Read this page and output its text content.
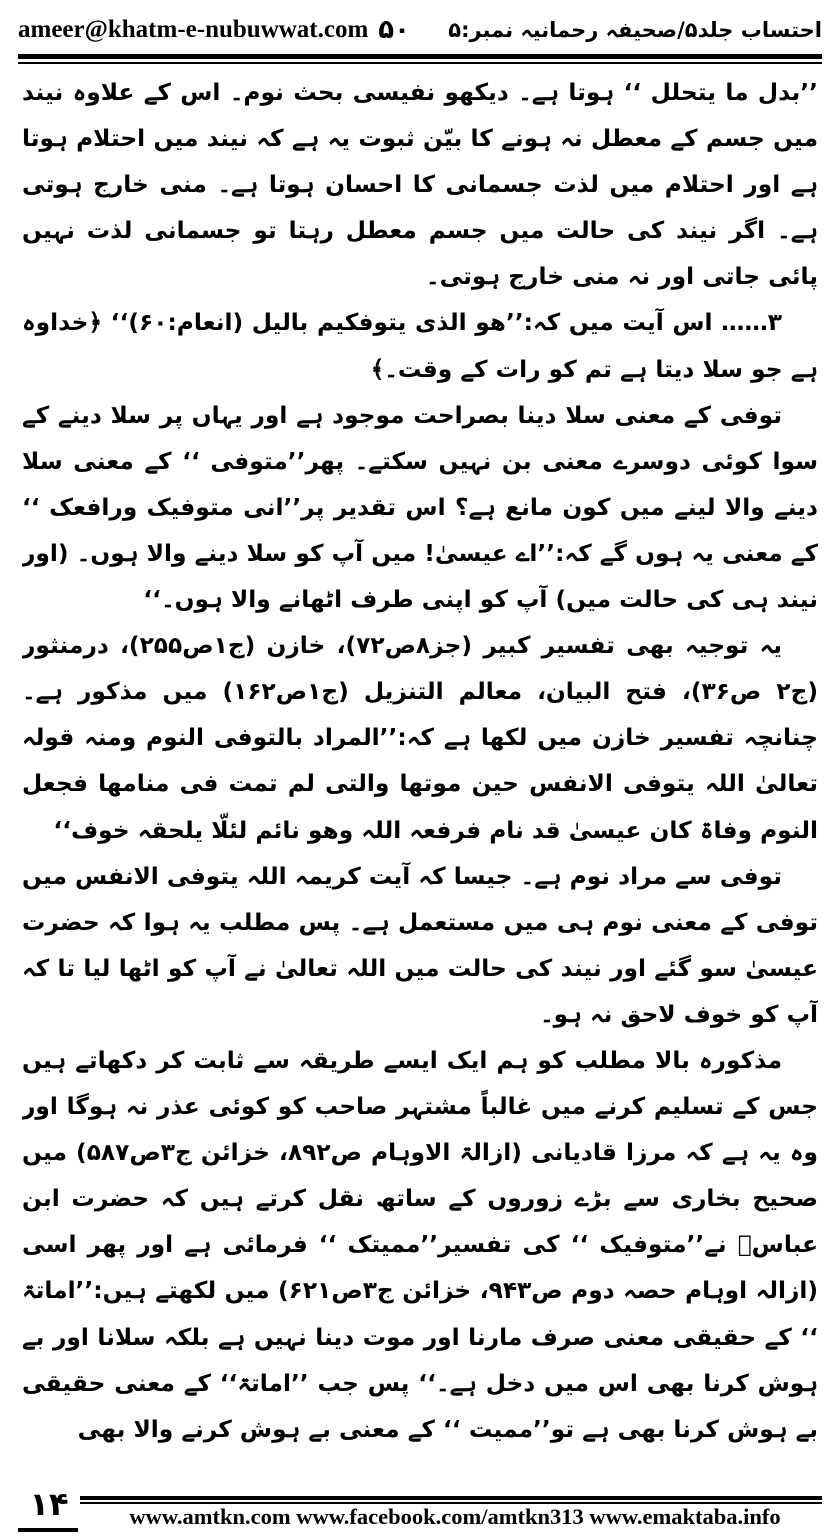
ameer@khatm-e-nubuwwat.com ۵۰ احتساب جلد۵/صحیفہ رحمانیہ نمبر:۵

’’بدل ما یتحلل ‘‘ ہوتا ہے۔ دیکھو نفیسی بحث نوم۔ اس کے علاوہ نیند میں جسم کے معطل نہ ہونے کا بیّن ثبوت یہ ہے کہ نیند میں احتلام ہوتا ہے اور احتلام میں لذت جسمانی کا احسان ہوتا ہے۔ منی خارج ہوتی ہے۔ اگر نیند کی حالت میں جسم معطل رہتا تو جسمانی لذت نہیں پائی جاتی اور نہ منی خارج ہوتی۔

۳…… اس آیت میں کہ:’’ھو الذی یتوفکیم بالیل (انعام:۶۰)‘‘ ﴿خداوہ ہے جو سلا دیتا ہے تم کو رات کے وقت۔﴾

توفی کے معنی سلا دینا بصراحت موجود ہے اور یہاں پر سلا دینے کے سوا کوئی دوسرے معنی بن نہیں سکتے۔ پھر’’متوفی ‘‘ کے معنی سلا دینے والا لینے میں کون مانع ہے؟ اس تقدیر پر’’انی متوفیک ورافعک ‘‘ کے معنی یہ ہوں گے کہ:’’اے عیسیٰ! میں آپ کو سلا دینے والا ہوں۔ (اور نیند ہی کی حالت میں) آپ کو اپنی طرف اٹھانے والا ہوں۔‘‘

یہ توجیہ بھی تفسیر کبیر (جز۸ص۷۲)، خازن (ج۱ص۲۵۵)، درمنثور (ج۲ ص۳۶)، فتح البیان، معالم التنزیل (ج۱ص۱۶۲) میں مذکور ہے۔ چنانچہ تفسیر خازن میں لکھا ہے کہ:’’المراد بالتوفی النوم ومنہ قولہ تعالیٰ اللہ یتوفی الانفس حین موتھا والتی لم تمت فی منامھا فجعل النوم وفاۃ کان عیسیٰ قد نام فرفعہ اللہ وھو نائم لئلّا یلحقہ خوف‘‘

توفی سے مراد نوم ہے۔ جیسا کہ آیت کریمہ اللہ یتوفی الانفس میں توفی کے معنی نوم ہی میں مستعمل ہے۔ پس مطلب یہ ہوا کہ حضرت عیسیٰ سو گئے اور نیند کی حالت میں اللہ تعالیٰ نے آپ کو اٹھا لیا تا کہ آپ کو خوف لاحق نہ ہو۔

مذکورہ بالا مطلب کو ہم ایک ایسے طریقہ سے ثابت کر دکھاتے ہیں جس کے تسلیم کرنے میں غالباً مشتہر صاحب کو کوئی عذر نہ ہوگا اور وہ یہ ہے کہ مرزا قادیانی (ازالۃ الاوہام ص۸۹۲، خزائن ج۳ص۵۸۷) میں صحیح بخاری سے بڑے زوروں کے ساتھ نقل کرتے ہیں کہ حضرت ابن عباسؓ نے’’متوفیک ‘‘ کی تفسیر’’ممیتک ‘‘ فرمائی ہے اور پھر اسی (ازالہ اوہام حصہ دوم ص۹۴۳، خزائن ج۳ص۶۲۱) میں لکھتے ہیں:’’اماتۃ ‘‘ کے حقیقی معنی صرف مارنا اور موت دینا نہیں ہے بلکہ سلانا اور بے ہوش کرنا بھی اس میں دخل ہے۔‘‘ پس جب ’’اماتۃ‘‘ کے معنی حقیقی بے ہوش کرنا بھی ہے تو’’ممیت ‘‘ کے معنی بے ہوش کرنے والا بھی

۱۴	www.amtkn.com www.facebook.com/amtkn313 www.emaktaba.info
